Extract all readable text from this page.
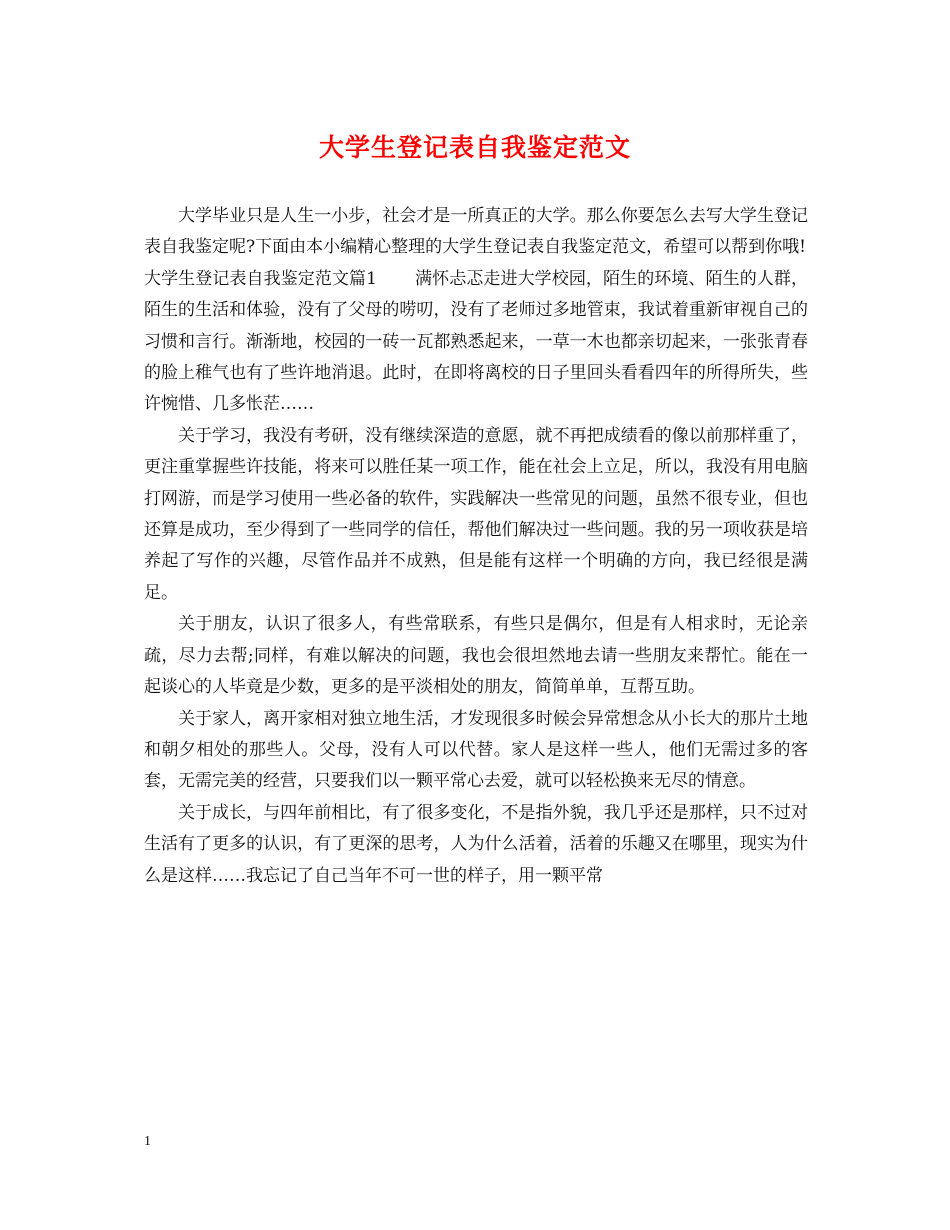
大学生登记表自我鉴定范文

大学毕业只是人生一小步，社会才是一所真正的大学。那么你要怎么去写大学生登记表自我鉴定呢?下面由本小编精心整理的大学生登记表自我鉴定范文，希望可以帮到你哦!

大学生登记表自我鉴定范文篇1 满怀忐忑走进大学校园，陌生的环境、陌生的人群，陌生的生活和体验，没有了父母的唠叨，没有了老师过多地管束，我试着重新审视自己的习惯和言行。渐渐地，校园的一砖一瓦都熟悉起来，一草一木也都亲切起来，一张张青春的脸上稚气也有了些许地消退。此时，在即将离校的日子里回头看看四年的所得所失，些许惋惜、几多怅茫……

关于学习，我没有考研，没有继续深造的意愿，就不再把成绩看的像以前那样重了，更注重掌握些许技能，将来可以胜任某一项工作，能在社会上立足，所以，我没有用电脑打网游，而是学习使用一些必备的软件，实践解决一些常见的问题，虽然不很专业，但也还算是成功，至少得到了一些同学的信任，帮他们解决过一些问题。我的另一项收获是培养起了写作的兴趣，尽管作品并不成熟，但是能有这样一个明确的方向，我已经很是满足。

关于朋友，认识了很多人，有些常联系，有些只是偶尔，但是有人相求时，无论亲疏，尽力去帮;同样，有难以解决的问题，我也会很坦然地去请一些朋友来帮忙。能在一起谈心的人毕竟是少数，更多的是平淡相处的朋友，简简单单，互帮互助。

关于家人，离开家相对独立地生活，才发现很多时候会异常想念从小长大的那片土地和朝夕相处的那些人。父母，没有人可以代替。家人是这样一些人，他们无需过多的客套，无需完美的经营，只要我们以一颗平常心去爱，就可以轻松换来无尽的情意。

关于成长，与四年前相比，有了很多变化，不是指外貌，我几乎还是那样，只不过对生活有了更多的认识，有了更深的思考，人为什么活着，活着的乐趣又在哪里，现实为什么是这样……我忘记了自己当年不可一世的样子，用一颗平常

1
